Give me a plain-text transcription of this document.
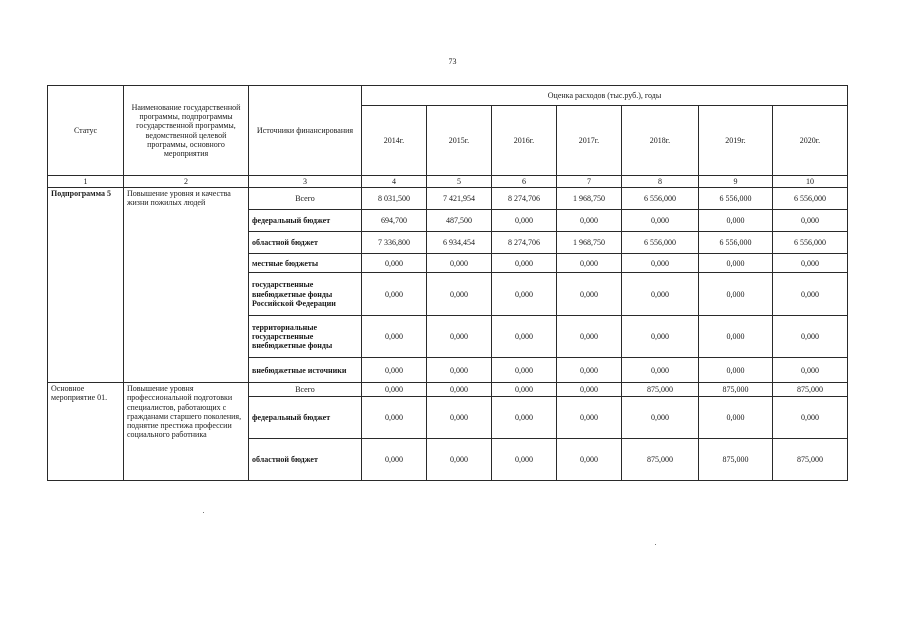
73
Статус	Наименование государственной программы, подпрограммы государственной программы, ведомственной целевой программы, основного мероприятия	Источники финансирования	Оценка расходов (тыс.руб.), годы						
			2014г.	2015г.	2016г.	2017г.	2018г.	2019г.	2020г.
1	2	3	4	5	6	7	8	9	10
Подпрограмма 5	Повышение уровня и качества жизни пожилых людей	Всего	8 031,500	7 421,954	8 274,706	1 968,750	6 556,000	6 556,000	6 556,000
		федеральный бюджет	694,700	487,500	0,000	0,000	0,000	0,000	0,000
		областной бюджет	7 336,800	6 934,454	8 274,706	1 968,750	6 556,000	6 556,000	6 556,000
		местные бюджеты	0,000	0,000	0,000	0,000	0,000	0,000	0,000
		государственные внебюджетные фонды Российской Федерации	0,000	0,000	0,000	0,000	0,000	0,000	0,000
		территориальные государственные внебюджетные фонды	0,000	0,000	0,000	0,000	0,000	0,000	0,000
		внебюджетные источники	0,000	0,000	0,000	0,000	0,000	0,000	0,000
Основное мероприятие 01.	Повышение уровня профессиональной подготовки специалистов, работающих с гражданами старшего поколения, поднятие престижа профессии социального работника	Всего	0,000	0,000	0,000	0,000	875,000	875,000	875,000
		федеральный бюджет	0,000	0,000	0,000	0,000	0,000	0,000	0,000
		областной бюджет	0,000	0,000	0,000	0,000	875,000	875,000	875,000
